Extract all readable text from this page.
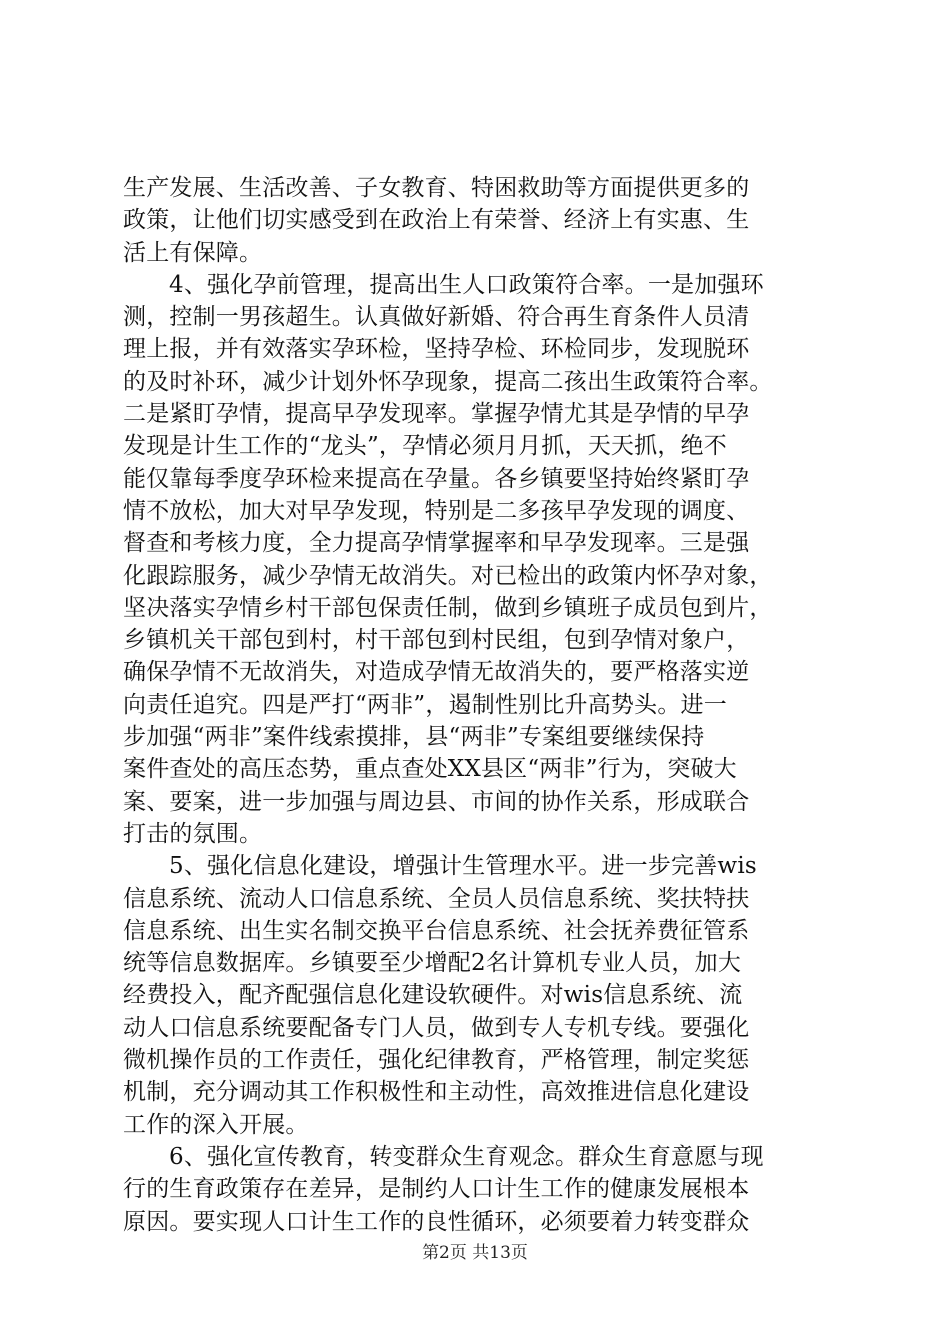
生产发展、生活改善、子女教育、特困救助等方面提供更多的
政策，让他们切实感受到在政治上有荣誉、经济上有实惠、生
活上有保障。
4、强化孕前管理，提高出生人口政策符合率。一是加强环
测，控制一男孩超生。认真做好新婚、符合再生育条件人员清
理上报，并有效落实孕环检，坚持孕检、环检同步，发现脱环
的及时补环，减少计划外怀孕现象，提高二孩出生政策符合率。
二是紧盯孕情，提高早孕发现率。掌握孕情尤其是孕情的早孕
发现是计生工作的“龙头”，孕情必须月月抓，天天抓，绝不
能仅靠每季度孕环检来提高在孕量。各乡镇要坚持始终紧盯孕
情不放松，加大对早孕发现，特别是二多孩早孕发现的调度、
督查和考核力度，全力提高孕情掌握率和早孕发现率。三是强
化跟踪服务，减少孕情无故消失。对已检出的政策内怀孕对象，
坚决落实孕情乡村干部包保责任制，做到乡镇班子成员包到片，
乡镇机关干部包到村，村干部包到村民组，包到孕情对象户，
确保孕情不无故消失，对造成孕情无故消失的，要严格落实逆
向责任追究。四是严打“两非”，遏制性别比升高势头。进一
步加强“两非”案件线索摸排，县“两非”专案组要继续保持
案件查处的高压态势，重点查处XX县区“两非”行为，突破大
案、要案，进一步加强与周边县、市间的协作关系，形成联合
打击的氛围。
5、强化信息化建设，增强计生管理水平。进一步完善wis
信息系统、流动人口信息系统、全员人员信息系统、奖扶特扶
信息系统、出生实名制交换平台信息系统、社会抚养费征管系
统等信息数据库。乡镇要至少增配2名计算机专业人员，加大
经费投入，配齐配强信息化建设软硬件。对wis信息系统、流
动人口信息系统要配备专门人员，做到专人专机专线。要强化
微机操作员的工作责任，强化纪律教育，严格管理，制定奖惩
机制，充分调动其工作积极性和主动性，高效推进信息化建设
工作的深入开展。
6、强化宣传教育，转变群众生育观念。群众生育意愿与现
行的生育政策存在差异，是制约人口计生工作的健康发展根本
原因。要实现人口计生工作的良性循环，必须要着力转变群众
第2页 共13页
